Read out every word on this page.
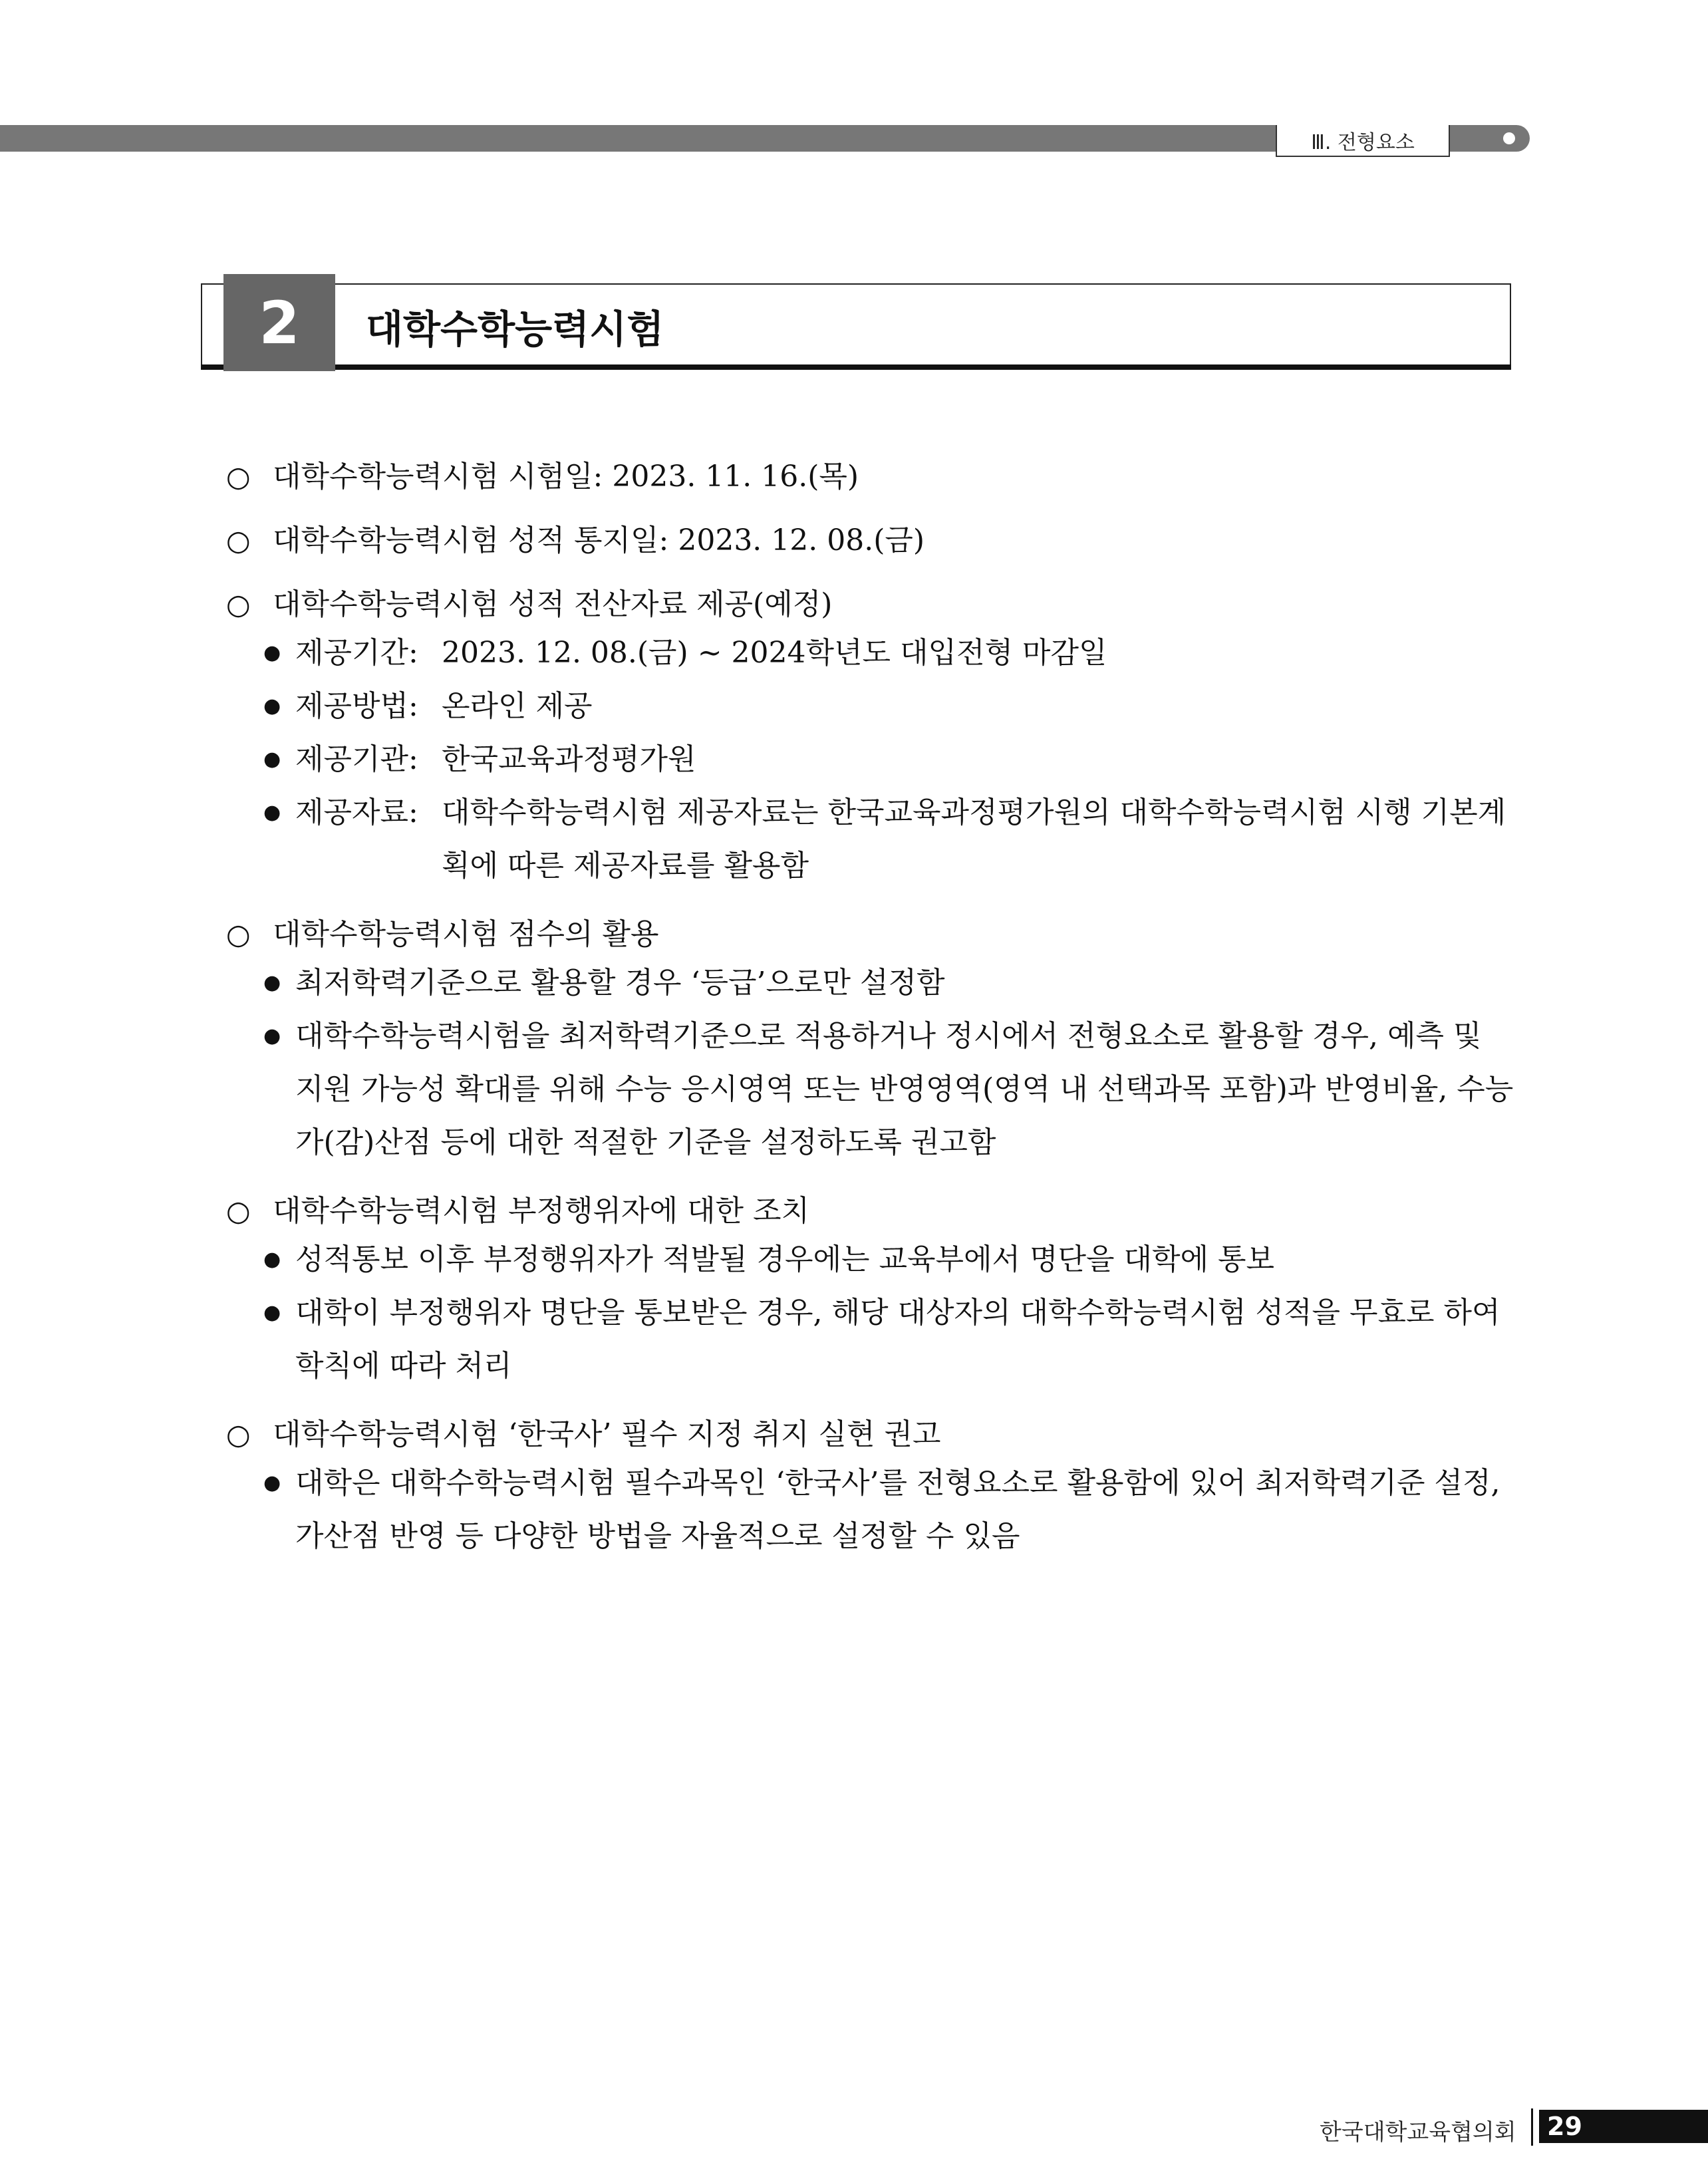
Ⅲ. 전형요소
2	대학수학능력시험
○ 대학수학능력시험 시험일: 2023. 11. 16.(목)
○ 대학수학능력시험 성적 통지일: 2023. 12. 08.(금)
○ 대학수학능력시험 성적 전산자료 제공(예정)
● 제공기간: 2023. 12. 08.(금) ~ 2024학년도 대입전형 마감일
● 제공방법: 온라인 제공
● 제공기관: 한국교육과정평가원
● 제공자료: 대학수학능력시험 제공자료는 한국교육과정평가원의 대학수학능력시험 시행 기본계획에 따른 제공자료를 활용함
○ 대학수학능력시험 점수의 활용
● 최저학력기준으로 활용할 경우 ‘등급’으로만 설정함
● 대학수학능력시험을 최저학력기준으로 적용하거나 정시에서 전형요소로 활용할 경우, 예측 및 지원 가능성 확대를 위해 수능 응시영역 또는 반영영역(영역 내 선택과목 포함)과 반영비율, 수능 가(감)산점 등에 대한 적절한 기준을 설정하도록 권고함
○ 대학수학능력시험 부정행위자에 대한 조치
● 성적통보 이후 부정행위자가 적발될 경우에는 교육부에서 명단을 대학에 통보
● 대학이 부정행위자 명단을 통보받은 경우, 해당 대상자의 대학수학능력시험 성적을 무효로 하여 학칙에 따라 처리
○ 대학수학능력시험 ‘한국사’ 필수 지정 취지 실현 권고
● 대학은 대학수학능력시험 필수과목인 ‘한국사’를 전형요소로 활용함에 있어 최저학력기준 설정, 가산점 반영 등 다양한 방법을 자율적으로 설정할 수 있음
한국대학교육협의회	29
